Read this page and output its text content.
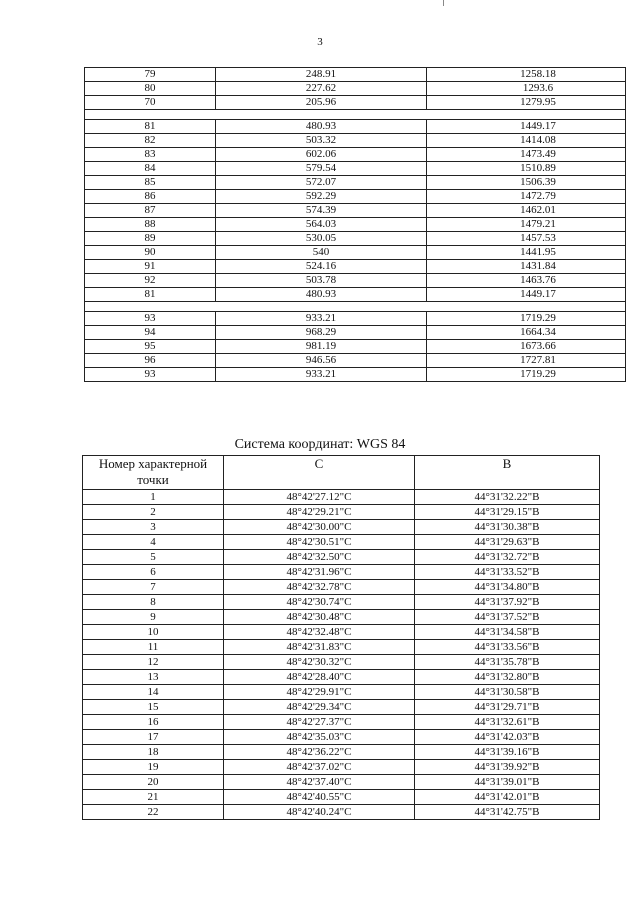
3
79	248.91	1258.18
80	227.62	1293.6
70	205.96	1279.95

81	480.93	1449.17
82	503.32	1414.08
83	602.06	1473.49
84	579.54	1510.89
85	572.07	1506.39
86	592.29	1472.79
87	574.39	1462.01
88	564.03	1479.21
89	530.05	1457.53
90	540	1441.95
91	524.16	1431.84
92	503.78	1463.76
81	480.93	1449.17

93	933.21	1719.29
94	968.29	1664.34
95	981.19	1673.66
96	946.56	1727.81
93	933.21	1719.29
Система координат: WGS 84
Номер характерной точки	С	В
1	48°42'27.12"С	44°31'32.22"В
2	48°42'29.21"С	44°31'29.15"В
3	48°42'30.00"С	44°31'30.38"В
4	48°42'30.51"С	44°31'29.63"В
5	48°42'32.50"С	44°31'32.72"В
6	48°42'31.96"С	44°31'33.52"В
7	48°42'32.78"С	44°31'34.80"В
8	48°42'30.74"С	44°31'37.92"В
9	48°42'30.48"С	44°31'37.52"В
10	48°42'32.48"С	44°31'34.58"В
11	48°42'31.83"С	44°31'33.56"В
12	48°42'30.32"С	44°31'35.78"В
13	48°42'28.40"С	44°31'32.80"В
14	48°42'29.91"С	44°31'30.58"В
15	48°42'29.34"С	44°31'29.71"В
16	48°42'27.37"С	44°31'32.61"В
17	48°42'35.03"С	44°31'42.03"В
18	48°42'36.22"С	44°31'39.16"В
19	48°42'37.02"С	44°31'39.92"В
20	48°42'37.40"С	44°31'39.01"В
21	48°42'40.55"С	44°31'42.01"В
22	48°42'40.24"С	44°31'42.75"В
